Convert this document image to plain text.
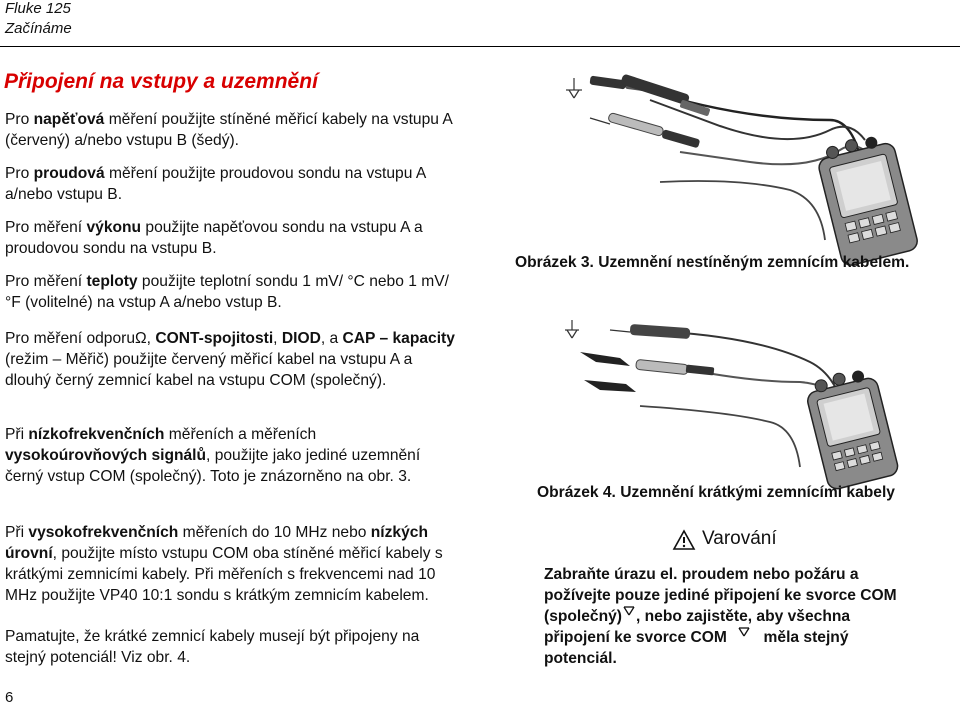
Fluke 125
Začínáme
Připojení na vstupy a uzemnění
Pro napěťová měření použijte stíněné měřicí kabely na vstupu A (červený) a/nebo vstupu B (šedý).
Pro proudová měření použijte proudovou sondu na vstupu A a/nebo vstupu B.
Pro měření výkonu použijte napěťovou sondu na vstupu A a proudovou sondu na vstupu B.
Pro měření teploty použijte teplotní sondu 1 mV/ °C nebo 1 mV/ °F (volitelné) na vstup A a/nebo vstup B.
Pro měření odporuΩ, CONT-spojitosti, DIOD, a CAP – kapacity (režim – Měřič) použijte červený měřicí kabel na vstupu A a dlouhý černý zemnicí kabel na vstupu COM (společný).
Při nízkofrekvenčních měřeních a měřeních vysokoúrovňových signálů, použijte jako jediné uzemnění černý vstup COM (společný). Toto je znázorněno na obr. 3.
Při vysokofrekvenčních měřeních do 10 MHz nebo nízkých úrovní, použijte místo vstupu COM oba stíněné měřicí kabely s krátkými zemnicími kabely. Při měřeních s frekvencemi nad 10 MHz použijte VP40 10:1 sondu s krátkým zemnicím kabelem.
Pamatujte, že krátké zemnicí kabely musejí být připojeny na stejný potenciál! Viz obr. 4.
Obrázek 3. Uzemnění nestíněným zemnícím kabelem.
Obrázek 4. Uzemnění krátkými zemnícími kabely
Varování
Zabraňte úrazu el. proudem nebo požáru a požívejte pouze jediné připojení ke svorce COM (společný) , nebo zajistěte, aby všechna připojení ke svorce COM měla stejný potenciál.
6
